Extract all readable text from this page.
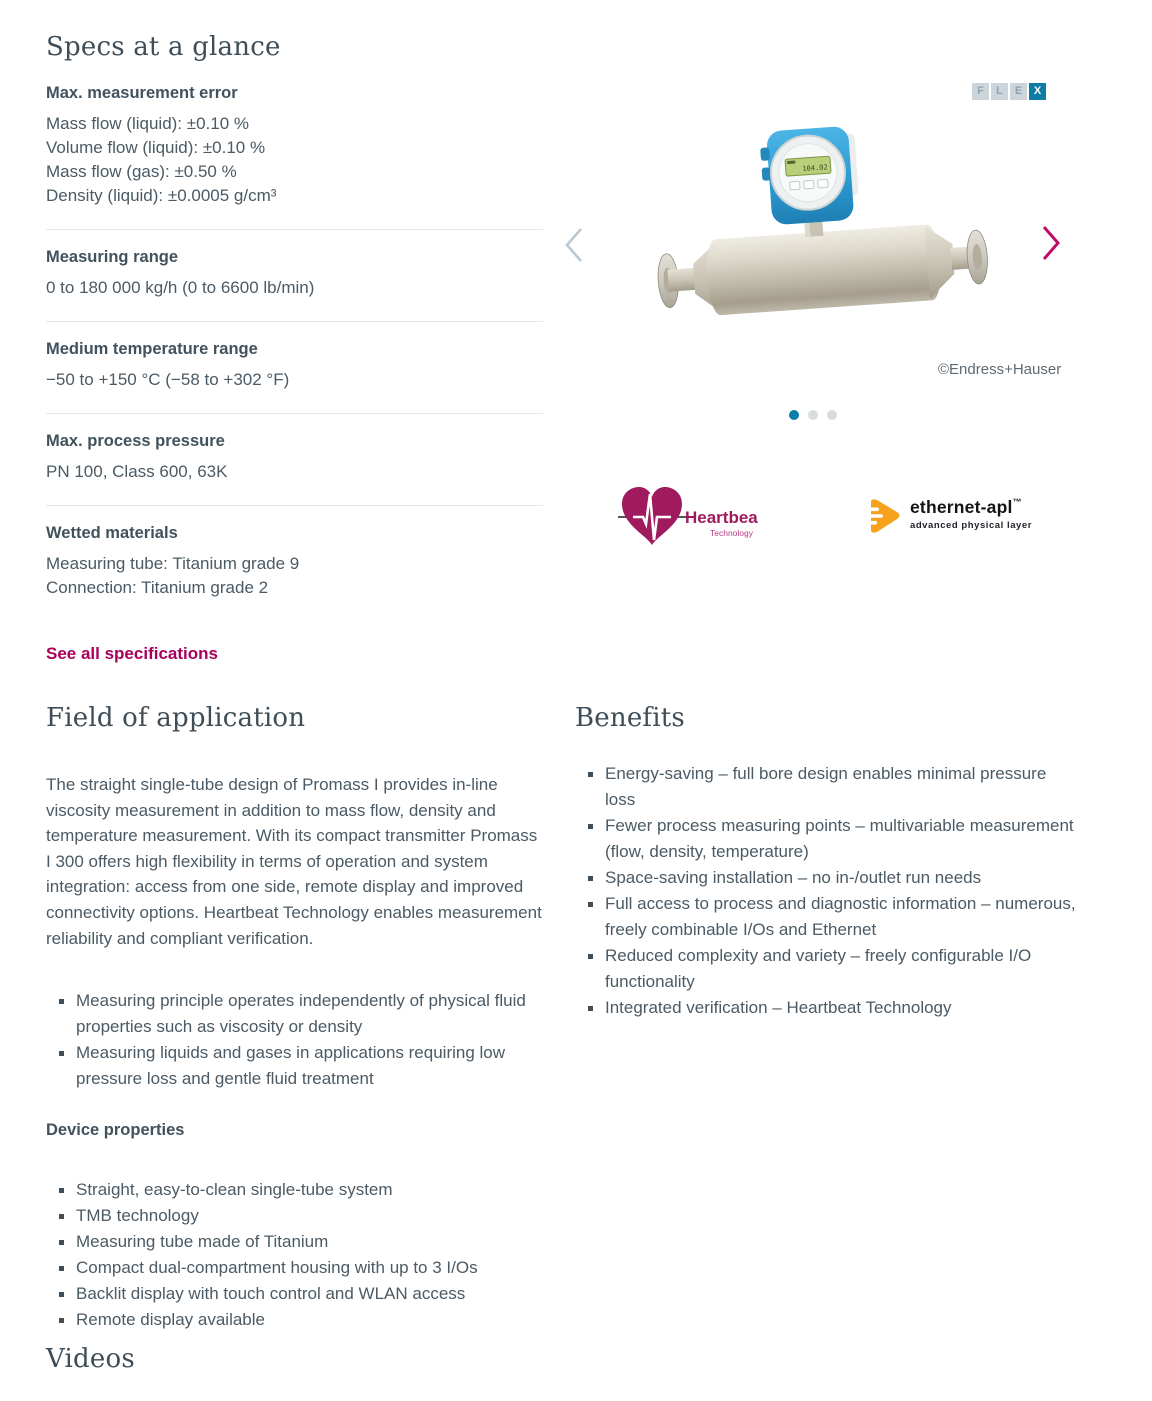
Specs at a glance
Max. measurement error
Mass flow (liquid): ±0.10 %
Volume flow (liquid): ±0.10 %
Mass flow (gas): ±0.50 %
Density (liquid): ±0.0005 g/cm³
Measuring range
0 to 180 000 kg/h (0 to 6600 lb/min)
Medium temperature range
−50 to +150 °C (−58 to +302 °F)
Max. process pressure
PN 100, Class 600, 63K
Wetted materials
Measuring tube: Titanium grade 9
Connection: Titanium grade 2
See all specifications
F	L	E	X
104.02
©Endress+Hauser
Heartbeat
Technology
ethernet-apl™
advanced physical layer
Field of application

The straight single-tube design of Promass I provides in-line viscosity measurement in addition to mass flow, density and temperature measurement. With its compact transmitter Promass I 300 offers high flexibility in terms of operation and system integration: access from one side, remote display and improved connectivity options. Heartbeat Technology enables measurement reliability and compliant verification.

Measuring principle operates independently of physical fluid properties such as viscosity or density
Measuring liquids and gases in applications requiring low pressure loss and gentle fluid treatment
Device properties
Straight, easy-to-clean single-tube system
TMB technology
Measuring tube made of Titanium
Compact dual-compartment housing with up to 3 I/Os
Backlit display with touch control and WLAN access
Remote display available
Benefits
Energy-saving – full bore design enables minimal pressure loss
Fewer process measuring points – multivariable measurement (flow, density, temperature)
Space-saving installation – no in-/outlet run needs
Full access to process and diagnostic information – numerous, freely combinable I/Os and Ethernet
Reduced complexity and variety – freely configurable I/O functionality
Integrated verification – Heartbeat Technology
Videos
